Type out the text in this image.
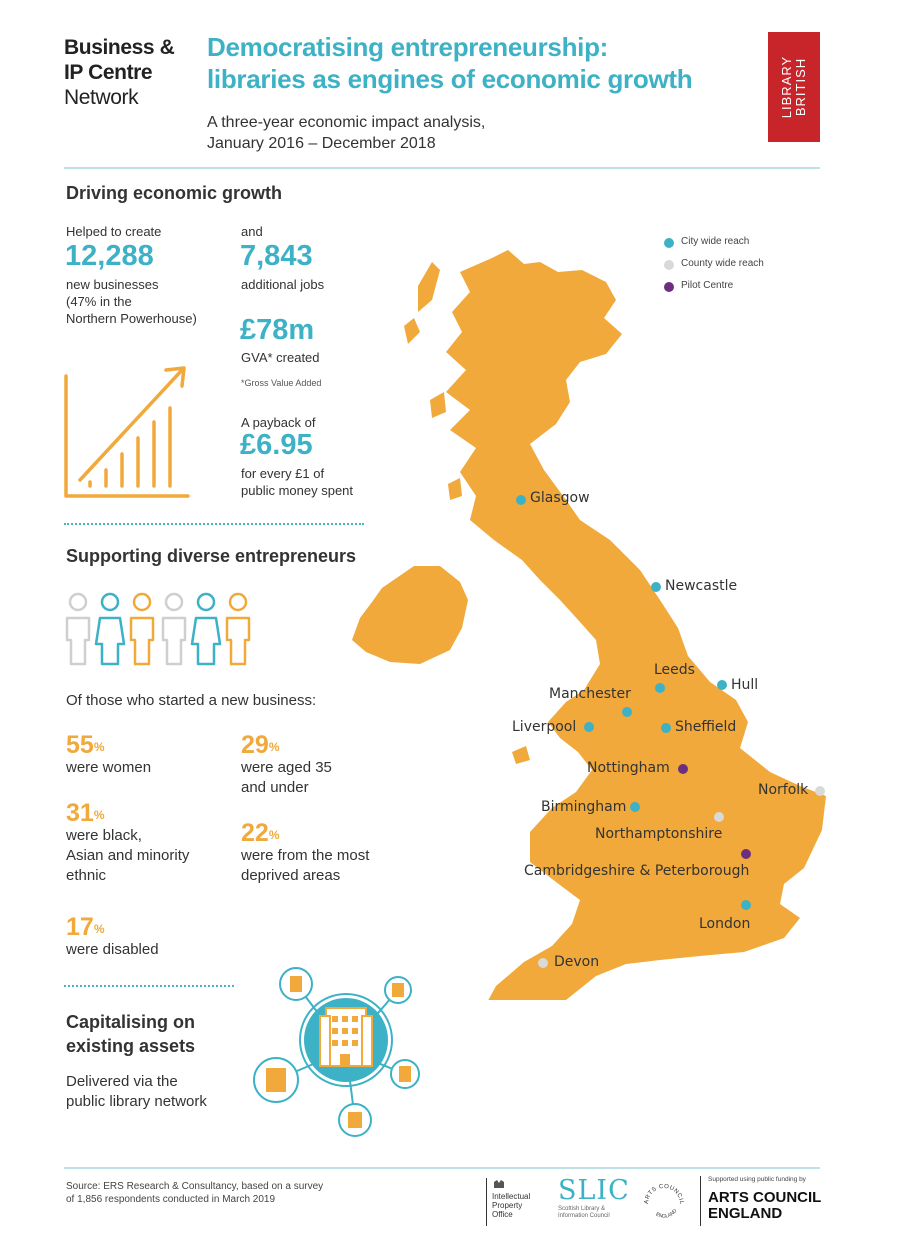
Business &
IP Centre
Network
Democratising entrepreneurship:
libraries as engines of economic growth
A three-year economic impact analysis,
January 2016 – December 2018
LIBRARY BRITISH
Driving economic growth
Helped to create
12,288
new businesses
(47% in the
Northern Powerhouse)
and
7,843
additional jobs
£78m
GVA* created
*Gross Value Added
A payback of
£6.95
for every £1 of
public money spent
Supporting diverse entrepreneurs
Of those who started a new business:
55%
were women
29%
were aged 35
and under
31%
were black,
Asian and minority
ethnic
22%
were from the most
deprived areas
17%
were disabled
Capitalising on
existing assets
Delivered via the
public library network
City wide reach
County wide reach
Pilot Centre
Glasgow
Newcastle
Leeds
Hull
Manchester
Liverpool	Sheffield
Nottingham
Norfolk
Birmingham
Northamptonshire
Cambridgeshire & Peterborough
London
Devon
Source: ERS Research & Consultancy, based on a survey
of 1,856 respondents conducted in March 2019	Intellectual
Property
Office
SLIC
Scottish Library &
Information Council
ARTS COUNCIL
ENGLAND
Supported using public funding by
ARTS COUNCIL
ENGLAND
